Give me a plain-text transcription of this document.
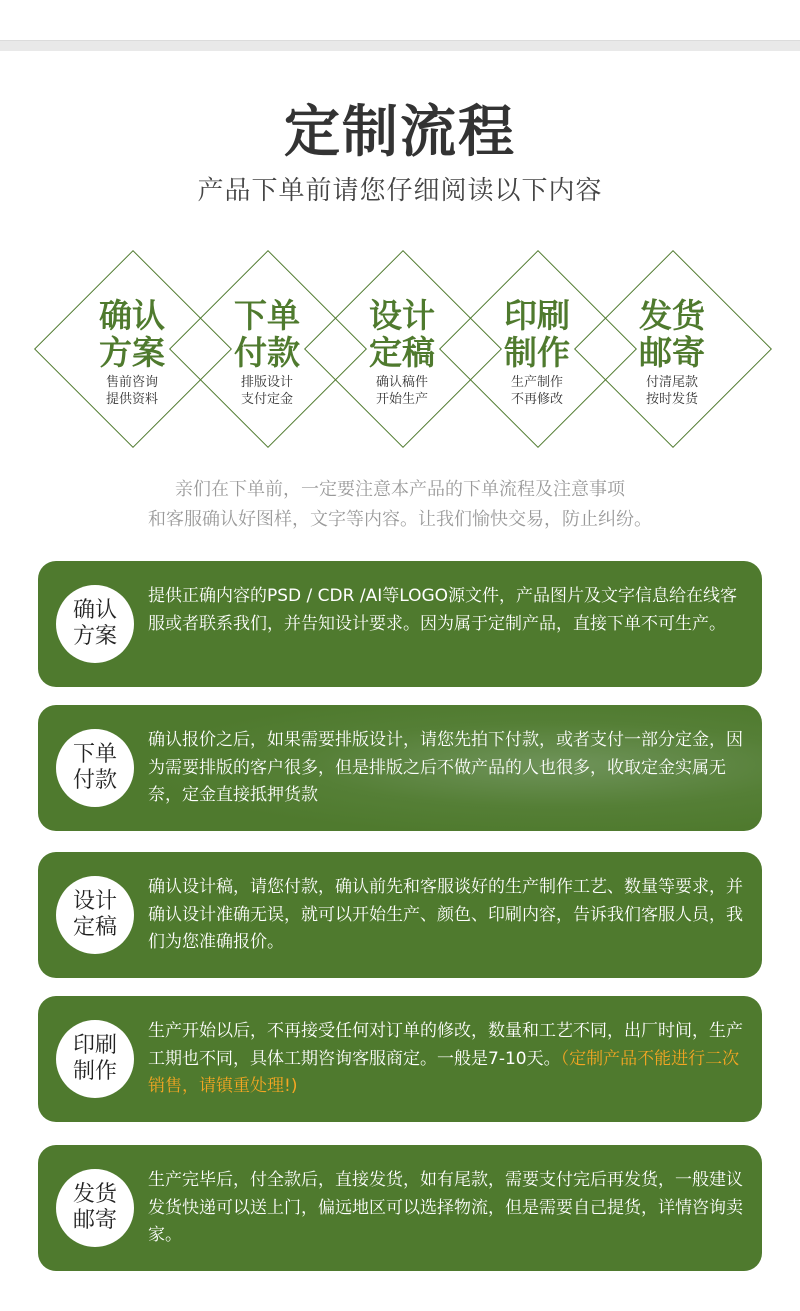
定制流程
产品下单前请您仔细阅读以下内容
确认
方案
售前咨询
提供资料
下单
付款
排版设计
支付定金
设计
定稿
确认稿件
开始生产
印刷
制作
生产制作
不再修改
发货
邮寄
付清尾款
按时发货
亲们在下单前，一定要注意本产品的下单流程及注意事项
和客服确认好图样，文字等内容。让我们愉快交易，防止纠纷。
确认
方案
提供正确内容的PSD / CDR /AI等LOGO源文件，产品图片及文字信息给在线客服或者联系我们，并告知设计要求。因为属于定制产品，直接下单不可生产。
下单
付款
确认报价之后，如果需要排版设计，请您先拍下付款，或者支付一部分定金，因为需要排版的客户很多，但是排版之后不做产品的人也很多，收取定金实属无奈，定金直接抵押货款
设计
定稿
确认设计稿，请您付款，确认前先和客服谈好的生产制作工艺、数量等要求，并确认设计准确无误，就可以开始生产、颜色、印刷内容，告诉我们客服人员，我们为您准确报价。
印刷
制作
生产开始以后，不再接受任何对订单的修改，数量和工艺不同，出厂时间，生产工期也不同，具体工期咨询客服商定。一般是7-10天。（定制产品不能进行二次销售，请镇重处理!)
发货
邮寄
生产完毕后，付全款后，直接发货，如有尾款，需要支付完后再发货，一般建议发货快递可以送上门，偏远地区可以选择物流，但是需要自己提货，详情咨询卖家。
